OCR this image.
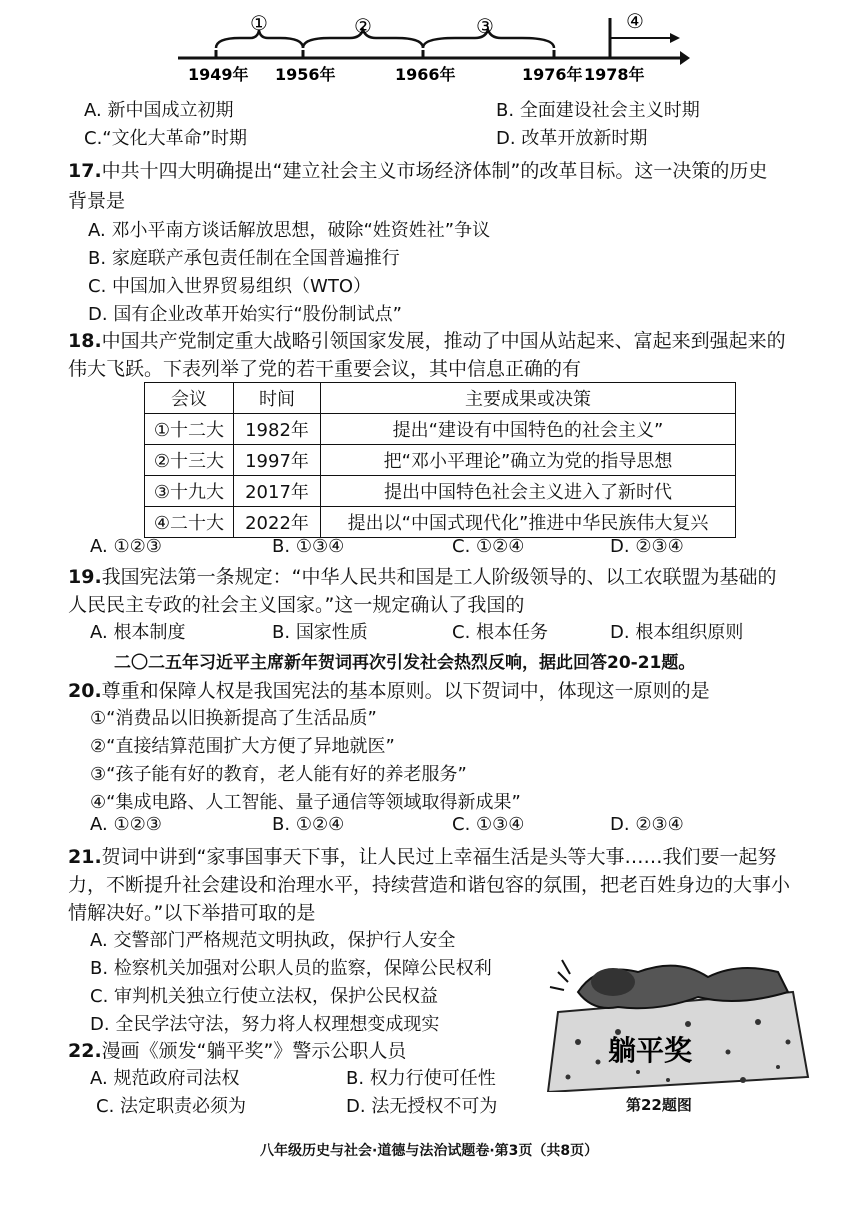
①	②	③	④
1949年 1956年	1966年	1976年 1978年
A. 新中国成立初期	B. 全面建设社会主义时期
C.“文化大革命”时期	D. 改革开放新时期
17.中共十四大明确提出“建立社会主义市场经济体制”的改革目标。这一决策的历史
背景是
A. 邓小平南方谈话解放思想，破除“姓资姓社”争议
B. 家庭联产承包责任制在全国普遍推行
C. 中国加入世界贸易组织（WTO）
D. 国有企业改革开始实行“股份制试点”
18.中国共产党制定重大战略引领国家发展，推动了中国从站起来、富起来到强起来的
伟大飞跃。下表列举了党的若干重要会议，其中信息正确的有
会议	时间	主要成果或决策
①十二大	1982年	提出“建设有中国特色的社会主义”
②十三大	1997年	把“邓小平理论”确立为党的指导思想
③十九大	2017年	提出中国特色社会主义进入了新时代
④二十大	2022年	提出以“中国式现代化”推进中华民族伟大复兴
A. ①②③	B. ①③④	C. ①②④	D. ②③④
19.我国宪法第一条规定：“中华人民共和国是工人阶级领导的、以工农联盟为基础的
人民民主专政的社会主义国家。”这一规定确认了我国的
A. 根本制度	B. 国家性质	C. 根本任务	D. 根本组织原则
二〇二五年习近平主席新年贺词再次引发社会热烈反响，据此回答20-21题。
20.尊重和保障人权是我国宪法的基本原则。以下贺词中，体现这一原则的是
①“消费品以旧换新提高了生活品质”
②“直接结算范围扩大方便了异地就医”
③“孩子能有好的教育，老人能有好的养老服务”
④“集成电路、人工智能、量子通信等领域取得新成果”
A. ①②③	B. ①②④	C. ①③④	D. ②③④
21.贺词中讲到“家事国事天下事，让人民过上幸福生活是头等大事……我们要一起努
力，不断提升社会建设和治理水平，持续营造和谐包容的氛围，把老百姓身边的大事小
情解决好。”以下举措可取的是
A. 交警部门严格规范文明执政，保护行人安全
B. 检察机关加强对公职人员的监察，保障公民权利
C. 审判机关独立行使立法权，保护公民权益
D. 全民学法守法，努力将人权理想变成现实
22.漫画《颁发“躺平奖”》警示公职人员
A. 规范政府司法权	B. 权力行使可任性
C. 法定职责必须为	D. 法无授权不可为
躺平奖
第22题图
八年级历史与社会·道德与法治试题卷·第3页（共8页）
